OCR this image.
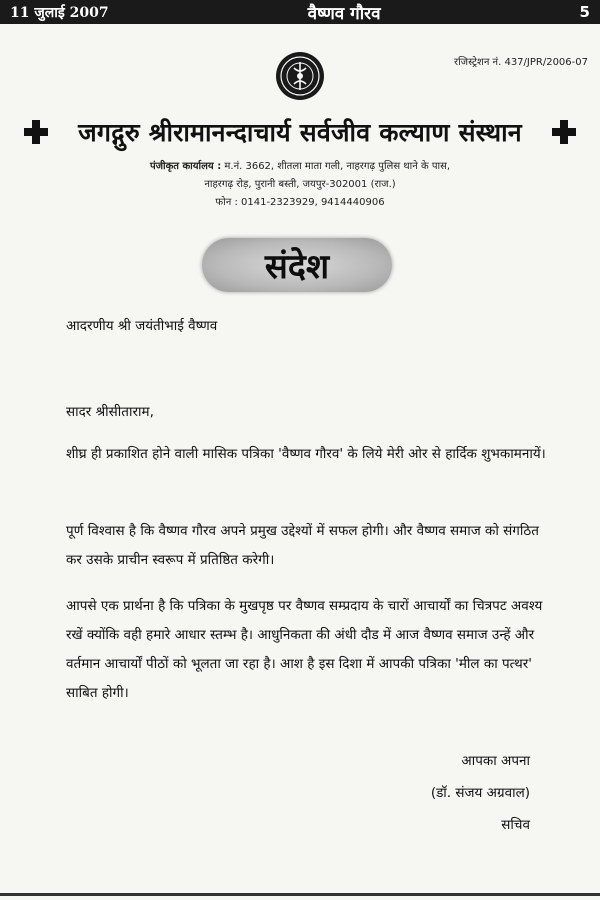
11 जुलाई 2007	वैष्णव गौरव	5
रजिस्ट्रेशन नं. 437/JPR/2006-07
जगद्गुरु श्रीरामानन्दाचार्य सर्वजीव कल्याण संस्थान
पंजीकृत कार्यालय : म.नं. 3662, शीतला माता गली, नाहरगढ़ पुलिस थाने के पास,
नाहरगढ़ रोड़, पुरानी बस्ती, जयपुर-302001 (राज.)
फोन : 0141-2323929, 9414440906
संदेश
आदरणीय श्री जयंतीभाई वैष्णव
सादर श्रीसीताराम,
शीघ्र ही प्रकाशित होने वाली मासिक पत्रिका 'वैष्णव गौरव' के लिये मेरी ओर से हार्दिक शुभकामनायें।
पूर्ण विश्वास है कि वैष्णव गौरव अपने प्रमुख उद्देश्यों में सफल होगी। और वैष्णव समाज को संगठित कर उसके प्राचीन स्वरूप में प्रतिष्ठित करेगी।
आपसे एक प्रार्थना है कि पत्रिका के मुखपृष्ठ पर वैष्णव सम्प्रदाय के चारों आचार्यों का चित्रपट अवश्य रखें क्योंकि वही हमारे आधार स्तम्भ है। आधुनिकता की अंधी दौड में आज वैष्णव समाज उन्हें और वर्तमान आचार्यों पीठों को भूलता जा रहा है। आश है इस दिशा में आपकी पत्रिका 'मील का पत्थर' साबित होगी।
आपका अपना
(डॉ. संजय अग्रवाल)
सचिव
